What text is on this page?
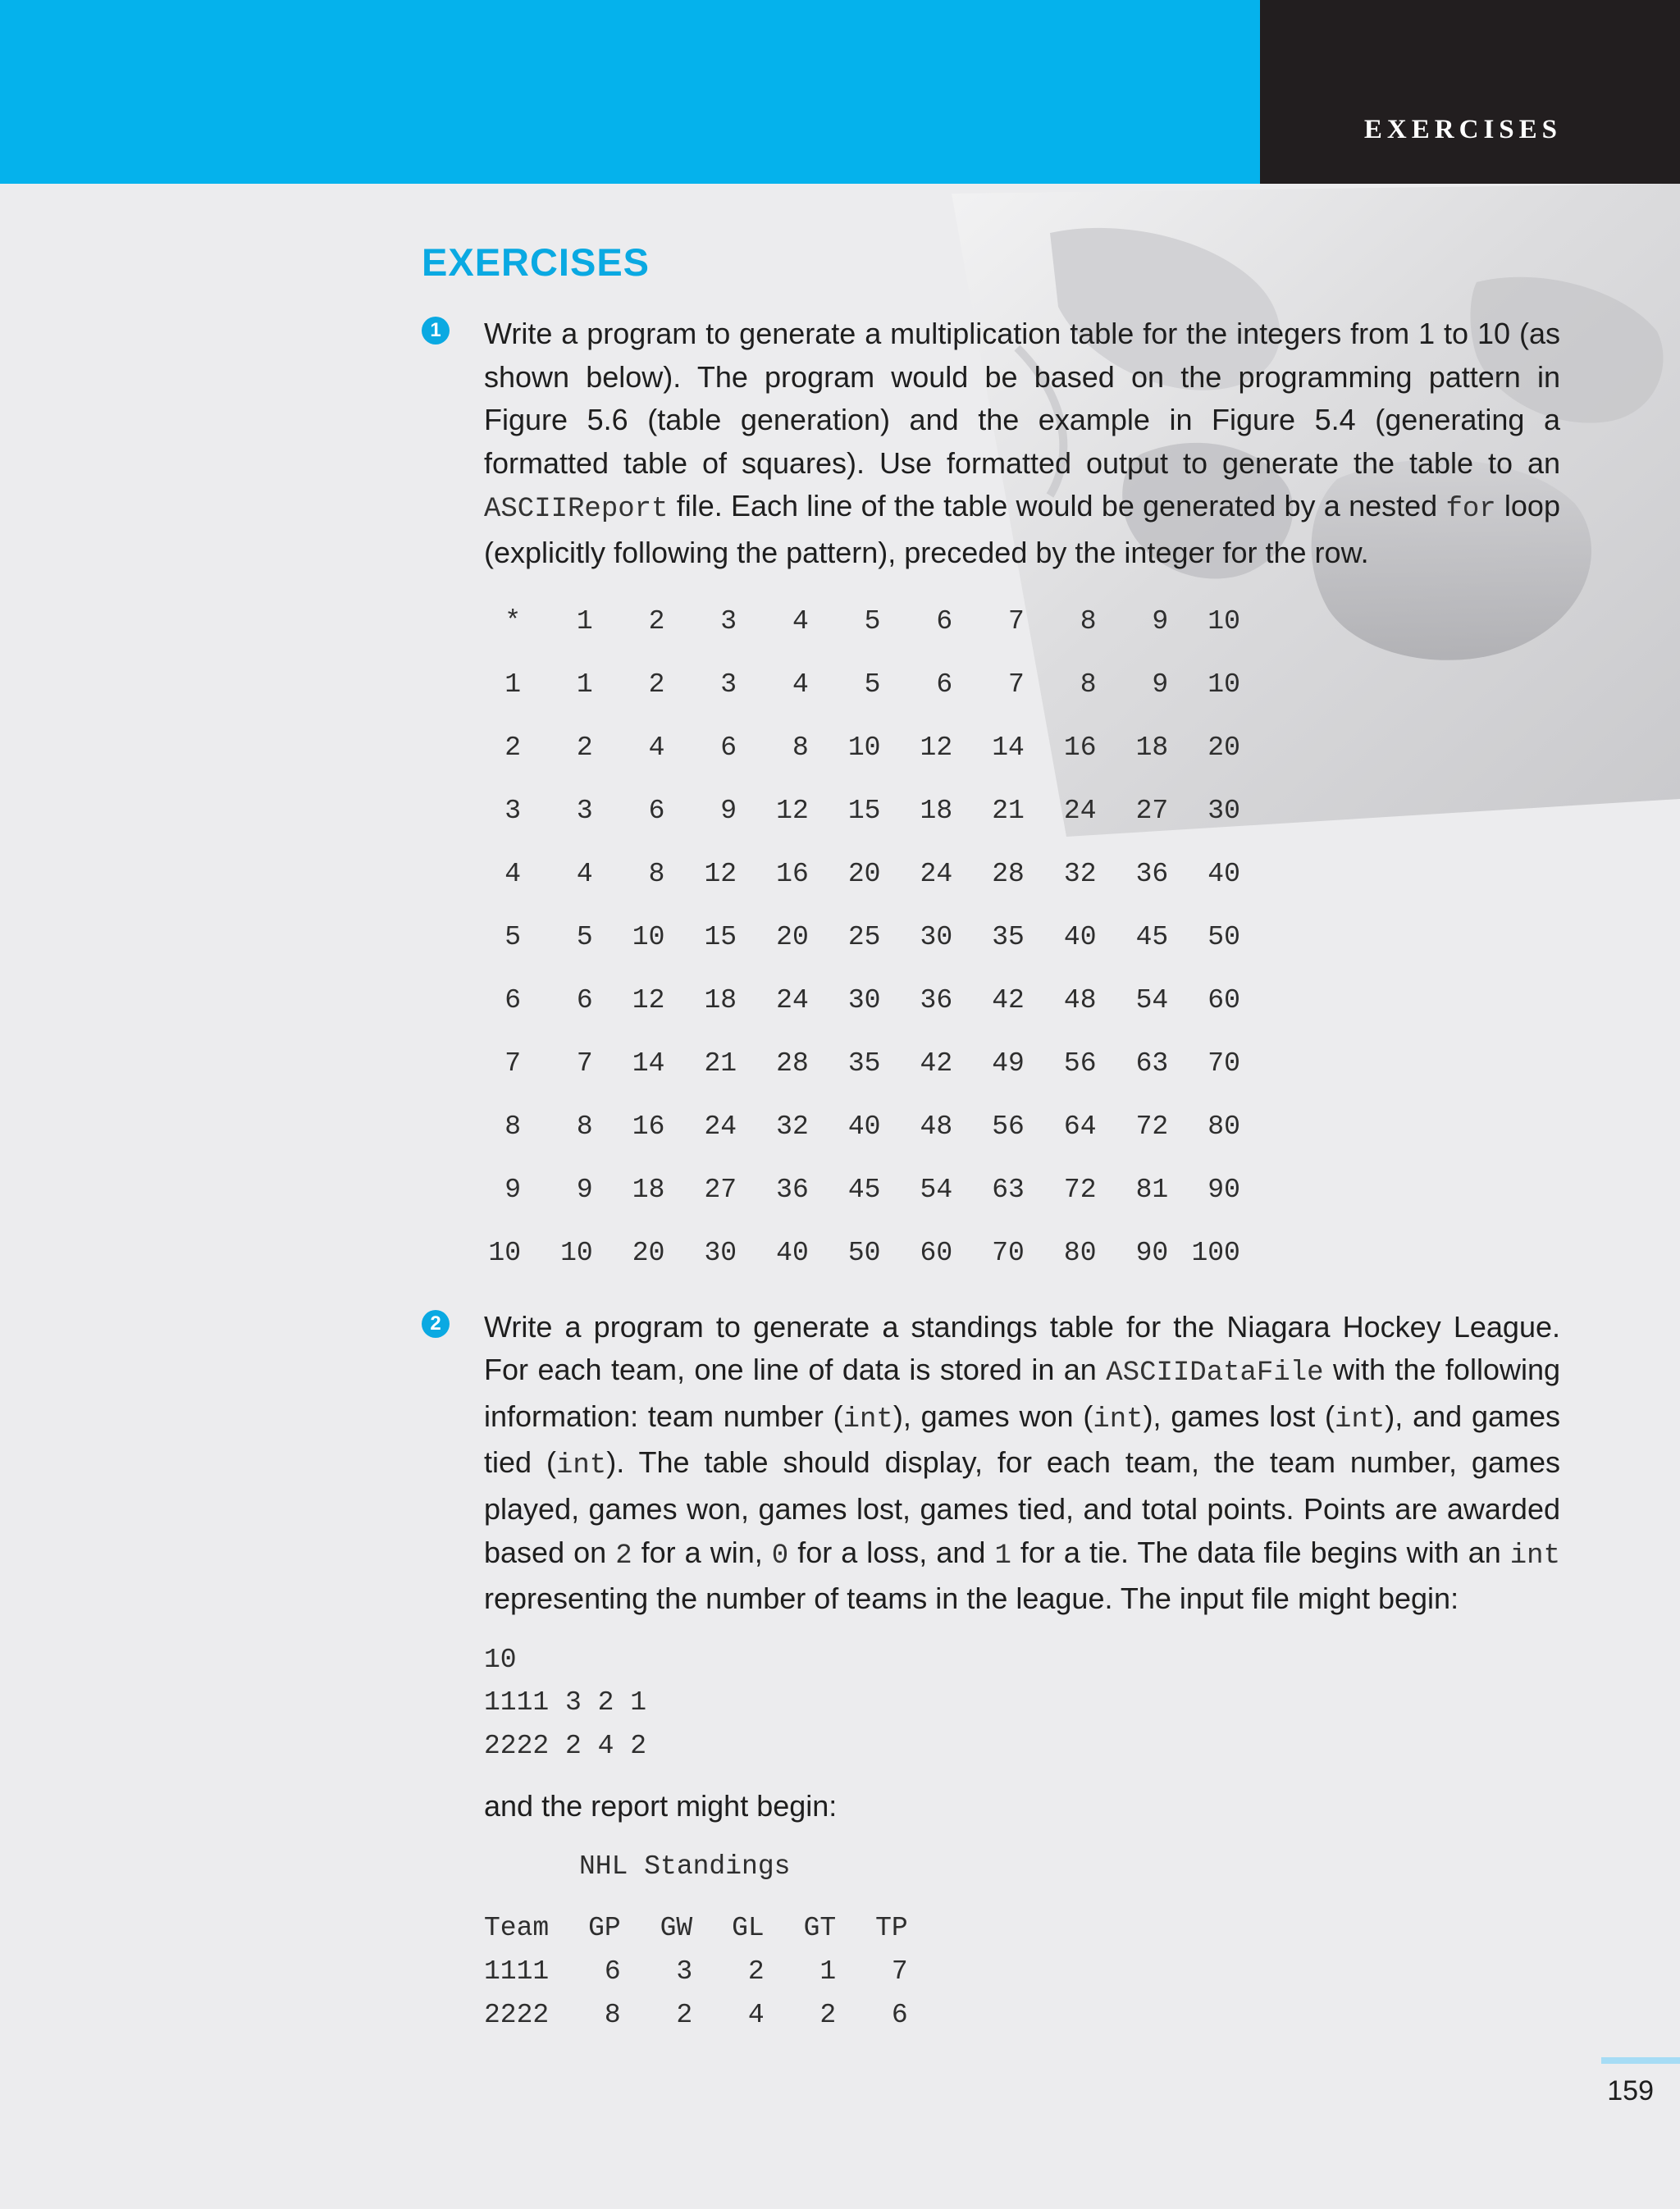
EXERCISES
EXERCISES
1 Write a program to generate a multiplication table for the integers from 1 to 10 (as shown below). The program would be based on the programming pattern in Figure 5.6 (table generation) and the example in Figure 5.4 (generating a formatted table of squares). Use formatted output to generate the table to an ASCIIReport file. Each line of the table would be generated by a nested for loop (explicitly following the pattern), preceded by the integer for the row.

*	1	2	3	4	5	6	7	8	9	10
1	1	2	3	4	5	6	7	8	9	10
2	2	4	6	8	10	12	14	16	18	20
3	3	6	9	12	15	18	21	24	27	30
4	4	8	12	16	20	24	28	32	36	40
5	5	10	15	20	25	30	35	40	45	50
6	6	12	18	24	30	36	42	48	54	60
7	7	14	21	28	35	42	49	56	63	70
8	8	16	24	32	40	48	56	64	72	80
9	9	18	27	36	45	54	63	72	81	90
10	10	20	30	40	50	60	70	80	90	100
2 Write a program to generate a standings table for the Niagara Hockey League. For each team, one line of data is stored in an ASCIIDataFile with the following information: team number (int), games won (int), games lost (int), and games tied (int). The table should display, for each team, the team number, games played, games won, games lost, games tied, and total points. Points are awarded based on 2 for a win, 0 for a loss, and 1 for a tie. The data file begins with an int representing the number of teams in the league. The input file might begin:

10
1111 3 2 1
2222 2 4 2

and the report might begin:

NHL Standings
Team	GP	GW	GL	GT	TP
1111	6	3	2	1	7
2222	8	2	4	2	6
159
